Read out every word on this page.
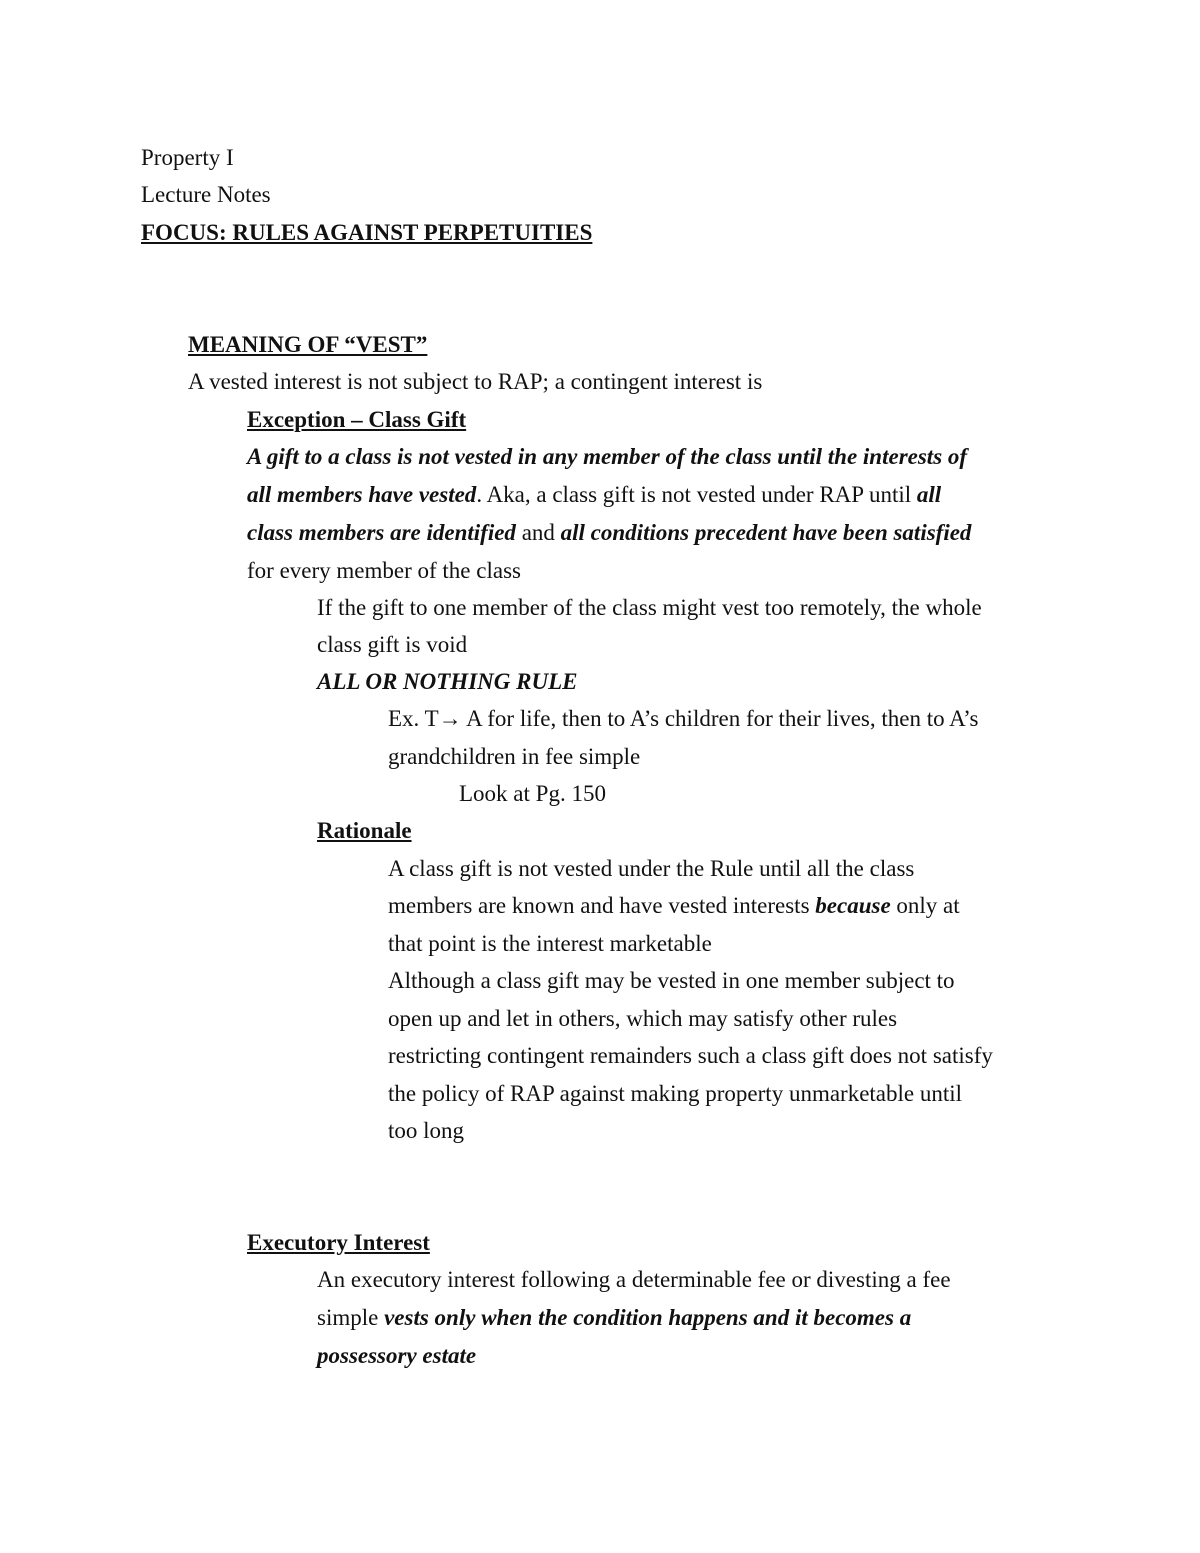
Property I
Lecture Notes
FOCUS: RULES AGAINST PERPETUITIES
MEANING OF “VEST”
A vested interest is not subject to RAP; a contingent interest is
Exception – Class Gift
A gift to a class is not vested in any member of the class until the interests of
all members have vested. Aka, a class gift is not vested under RAP until all
class members are identified and all conditions precedent have been satisfied
for every member of the class
If the gift to one member of the class might vest too remotely, the whole
class gift is void
ALL OR NOTHING RULE
Ex. T→ A for life, then to A’s children for their lives, then to A’s
grandchildren in fee simple
Look at Pg. 150
Rationale
A class gift is not vested under the Rule until all the class
members are known and have vested interests because only at
that point is the interest marketable
Although a class gift may be vested in one member subject to
open up and let in others, which may satisfy other rules
restricting contingent remainders such a class gift does not satisfy
the policy of RAP against making property unmarketable until
too long
Executory Interest
An executory interest following a determinable fee or divesting a fee
simple vests only when the condition happens and it becomes a
possessory estate
